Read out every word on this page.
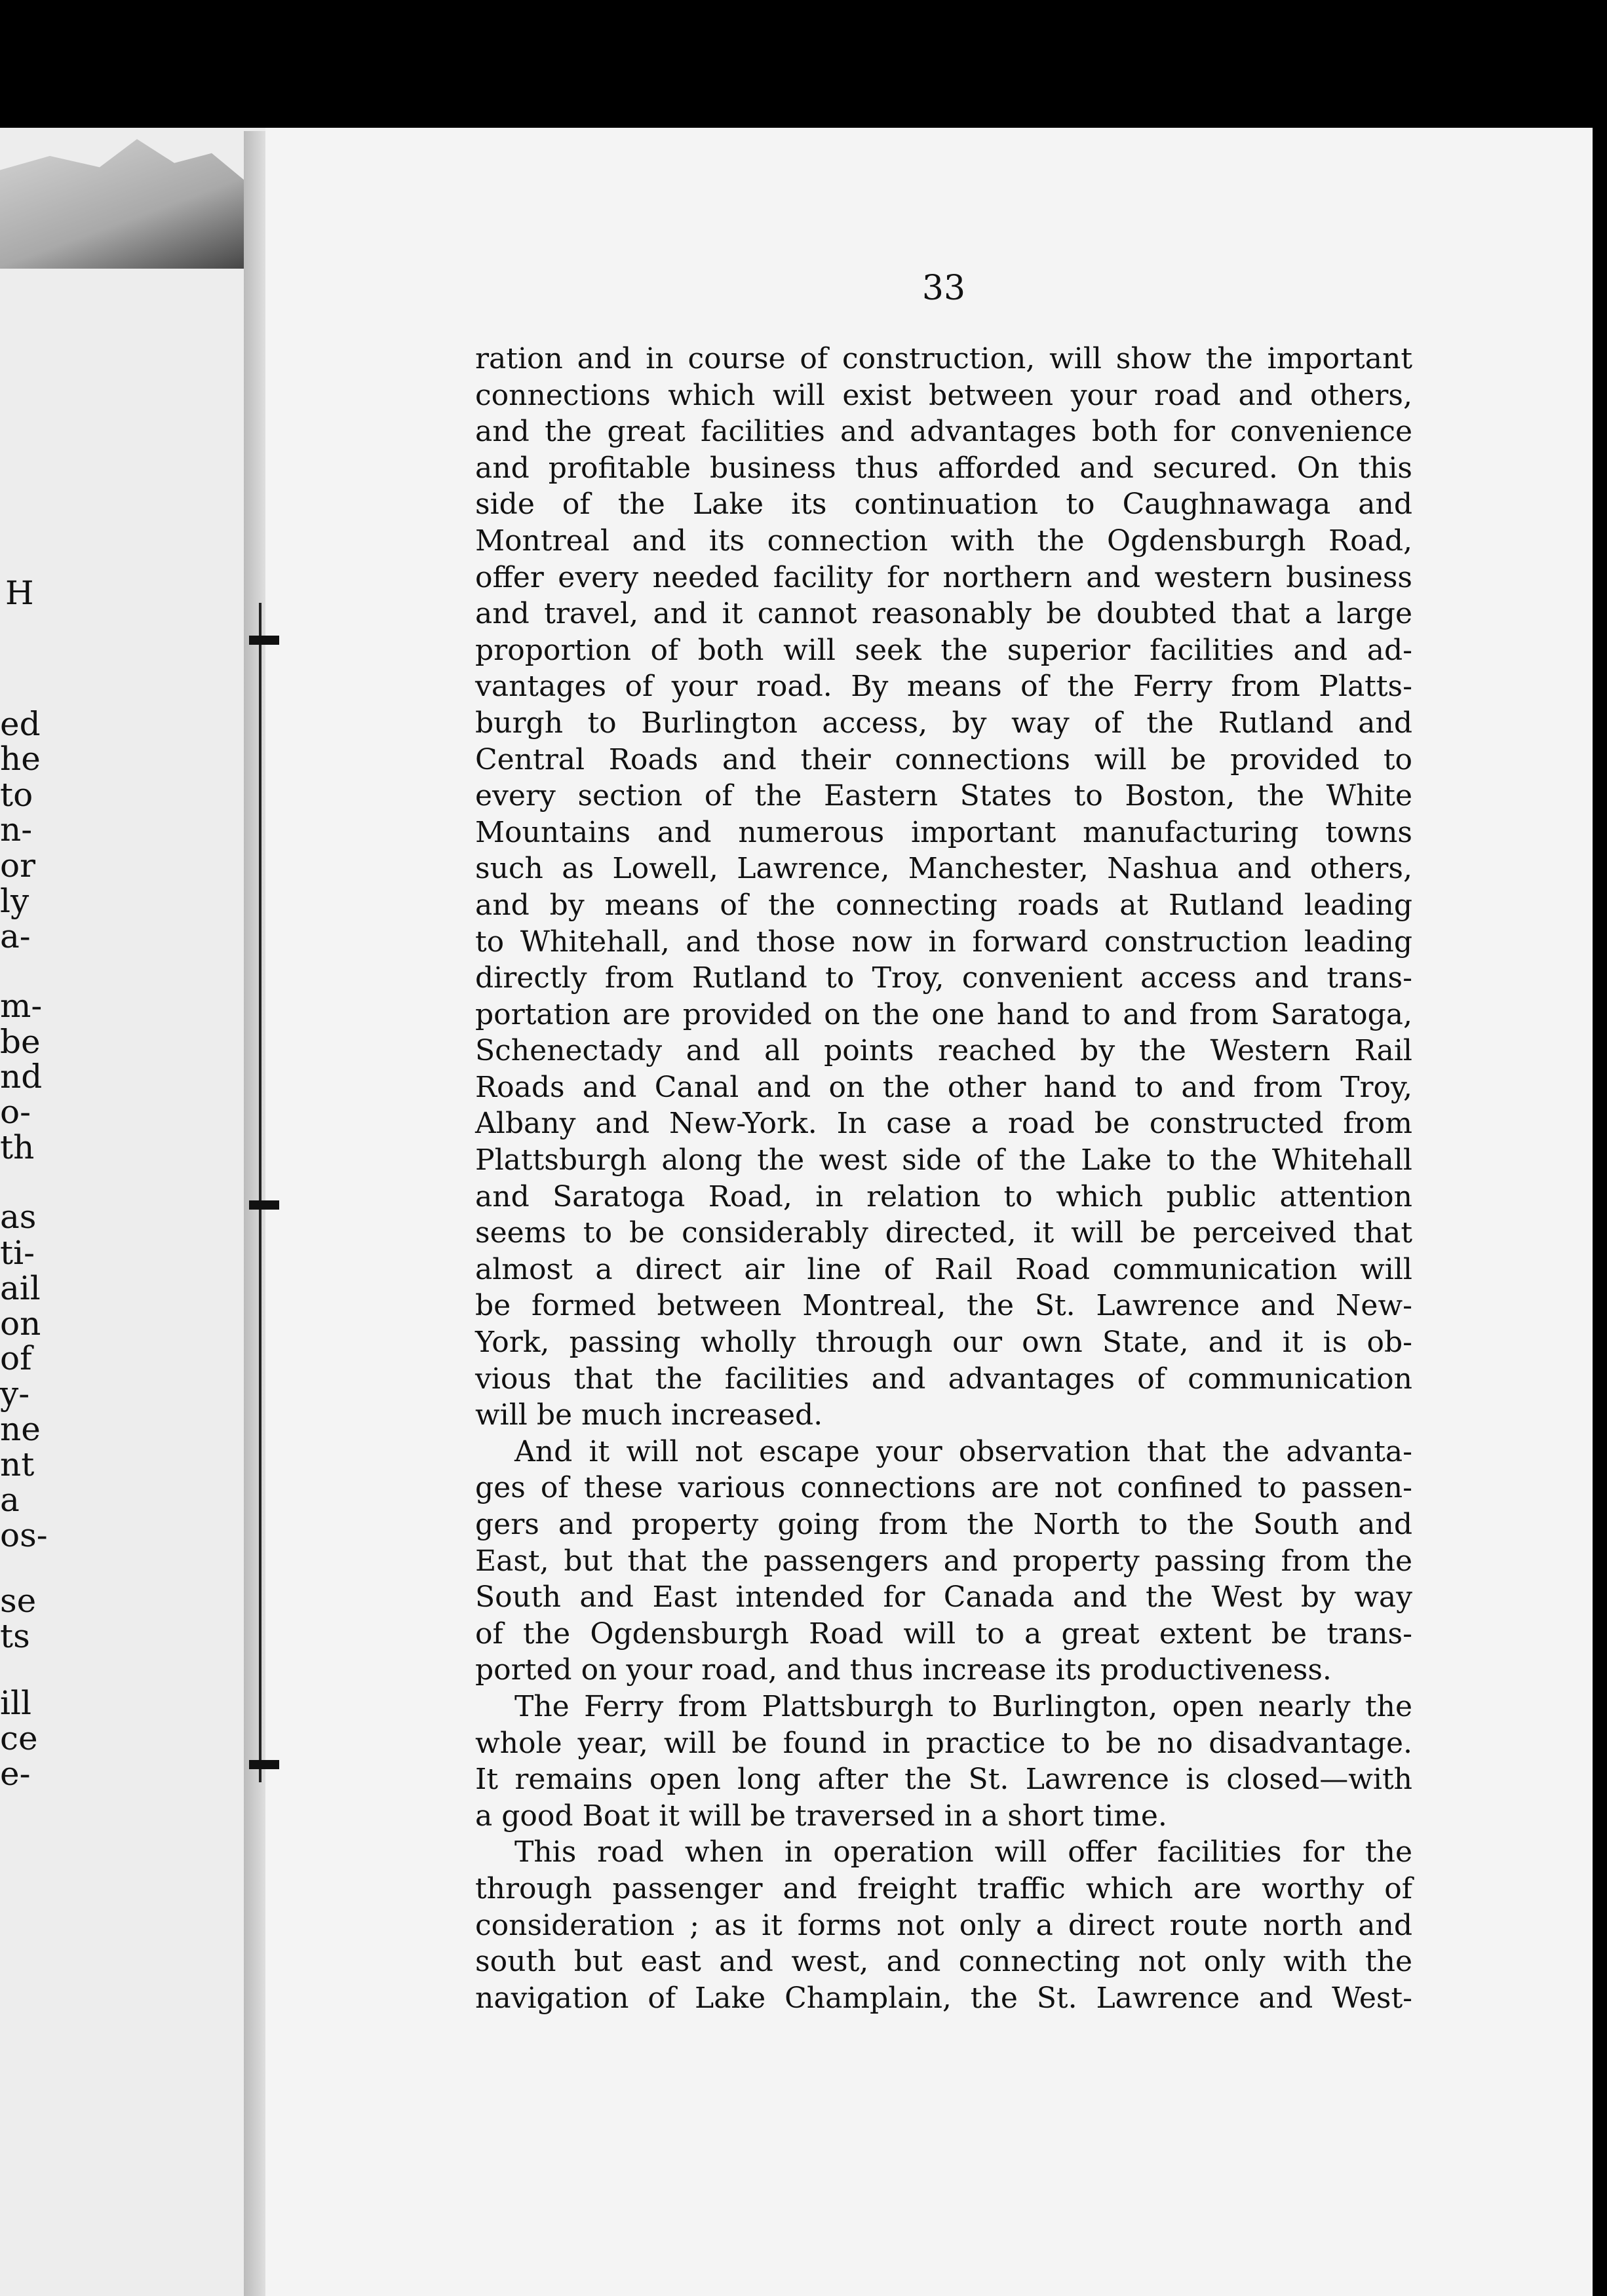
H
ed
he
to
n-
or
ly
a-
m-
be
nd
o-
th
as
ti-
ail
on
of
y-
ne
nt
a
os-
se
ts
ill
ce
e-
33
ration and in course of construction, will show the important
connections which will exist between your road and others,
and the great facilities and advantages both for convenience
and profitable business thus afforded and secured. On this
side of the Lake its continuation to Caughnawaga and
Montreal and its connection with the Ogdensburgh Road,
offer every needed facility for northern and western business
and travel, and it cannot reasonably be doubted that a large
proportion of both will seek the superior facilities and ad-
vantages of your road. By means of the Ferry from Platts-
burgh to Burlington access, by way of the Rutland and
Central Roads and their connections will be provided to
every section of the Eastern States to Boston, the White
Mountains and numerous important manufacturing towns
such as Lowell, Lawrence, Manchester, Nashua and others,
and by means of the connecting roads at Rutland leading
to Whitehall, and those now in forward construction leading
directly from Rutland to Troy, convenient access and trans-
portation are provided on the one hand to and from Saratoga,
Schenectady and all points reached by the Western Rail
Roads and Canal and on the other hand to and from Troy,
Albany and New-York. In case a road be constructed from
Plattsburgh along the west side of the Lake to the Whitehall
and Saratoga Road, in relation to which public attention
seems to be considerably directed, it will be perceived that
almost a direct air line of Rail Road communication will
be formed between Montreal, the St. Lawrence and New-
York, passing wholly through our own State, and it is ob-
vious that the facilities and advantages of communication
will be much increased.
And it will not escape your observation that the advanta-
ges of these various connections are not confined to passen-
gers and property going from the North to the South and
East, but that the passengers and property passing from the
South and East intended for Canada and the West by way
of the Ogdensburgh Road will to a great extent be trans-
ported on your road, and thus increase its productiveness.
The Ferry from Plattsburgh to Burlington, open nearly the
whole year, will be found in practice to be no disadvantage.
It remains open long after the St. Lawrence is closed—with
a good Boat it will be traversed in a short time.
This road when in operation will offer facilities for the
through passenger and freight traffic which are worthy of
consideration ; as it forms not only a direct route north and
south but east and west, and connecting not only with the
navigation of Lake Champlain, the St. Lawrence and West-
